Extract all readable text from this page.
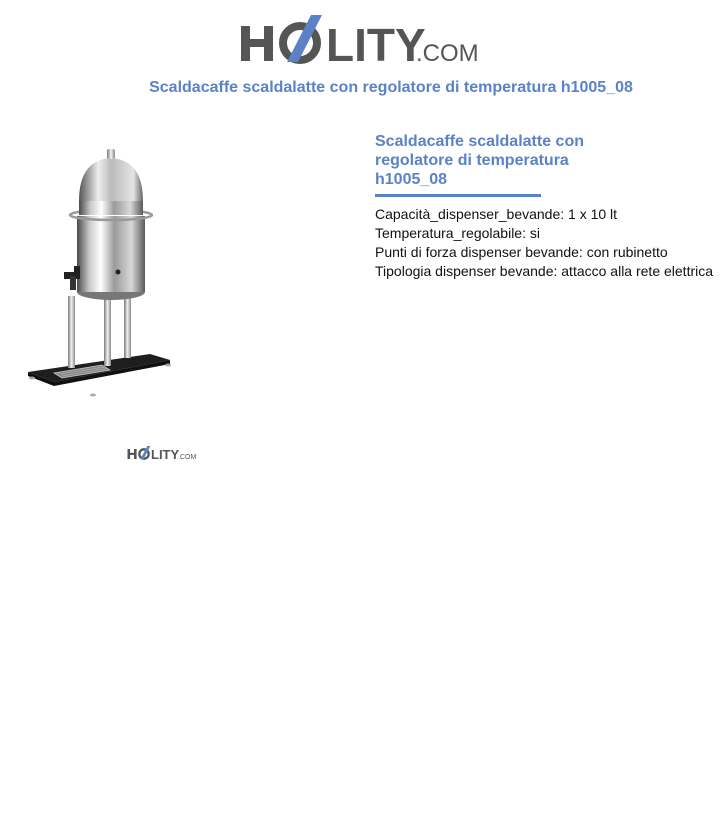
LITY
.COM
Scaldacaffe scaldalatte con regolatore di temperatura h1005_08
LITY
.COM
Scaldacaffe scaldalatte con
regolatore di temperatura
h1005_08
Capacità_dispenser_bevande: 1 x 10 lt
Temperatura_regolabile: si
Punti di forza dispenser bevande: con rubinetto
Tipologia dispenser bevande: attacco alla rete elettrica
